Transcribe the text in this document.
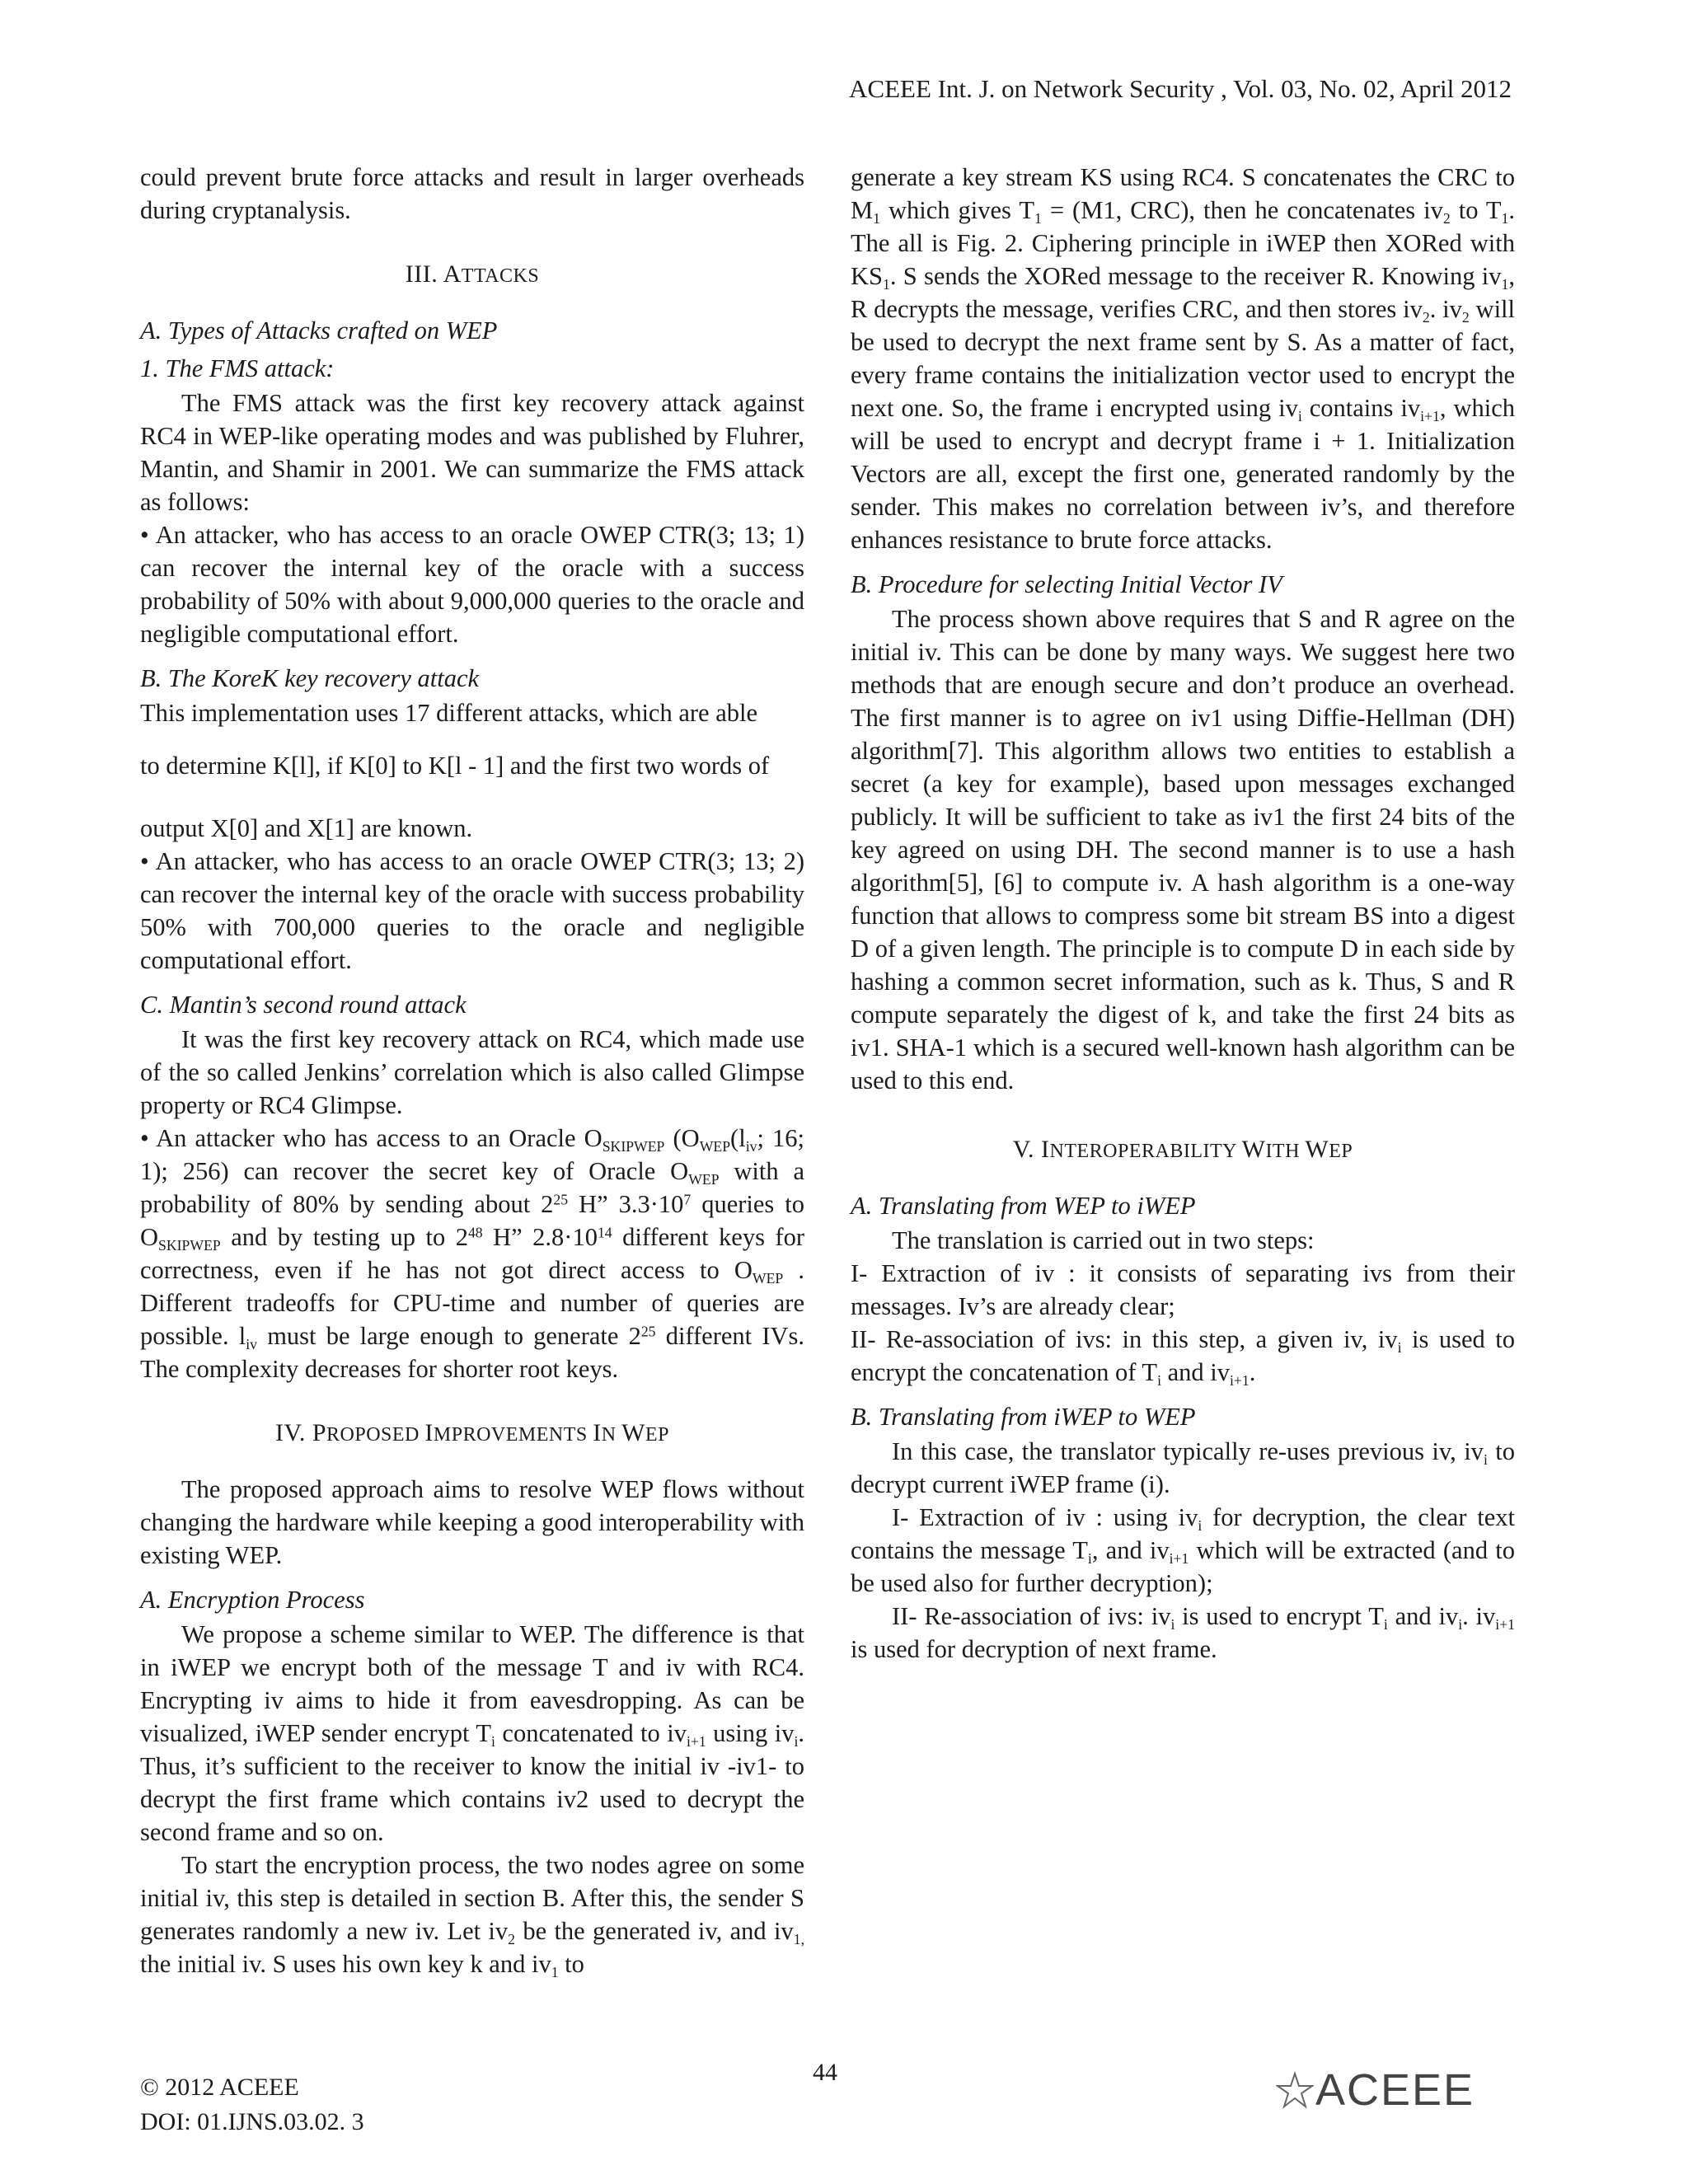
ACEEE Int. J. on Network Security , Vol. 03, No. 02, April 2012

could prevent brute force attacks and result in larger overheads during cryptanalysis.

III. ATTACKS

A. Types of Attacks crafted on WEP

1. The FMS attack:

The FMS attack was the first key recovery attack against RC4 in WEP-like operating modes and was published by Fluhrer, Mantin, and Shamir in 2001. We can summarize the FMS attack as follows:

• An attacker, who has access to an oracle OWEP CTR(3; 13; 1) can recover the internal key of the oracle with a success probability of 50% with about 9,000,000 queries to the oracle and negligible computational effort.

B. The KoreK key recovery attack

This implementation uses 17 different attacks, which are able

to determine K[l], if K[0] to K[l - 1] and the first two words of

output X[0] and X[1] are known.

• An attacker, who has access to an oracle OWEP CTR(3; 13; 2) can recover the internal key of the oracle with success probability 50% with 700,000 queries to the oracle and negligible computational effort.

C. Mantin’s second round attack

It was the first key recovery attack on RC4, which made use of the so called Jenkins’ correlation which is also called Glimpse property or RC4 Glimpse.

• An attacker who has access to an Oracle $O_{SKIPWEP}$ ($O_{WEP}(l_{iv}$; 16; 1); 256) can recover the secret key of Oracle $O_{WEP}$ with a probability of 80% by sending about $2^{25}$ H” $3.3\cdot 10^7$ queries to $O_{SKIPWEP}$ and by testing up to $2^{48}$ H” $2.8\cdot 10^{14}$ different keys for correctness, even if he has not got direct access to $O_{WEP}$ . Different tradeoffs for CPU-time and number of queries are possible. $l_{iv}$ must be large enough to generate $2^{25}$ different IVs. The complexity decreases for shorter root keys.

IV. PROPOSED IMPROVEMENTS IN WEP

The proposed approach aims to resolve WEP flows without changing the hardware while keeping a good interoperability with existing WEP.

A. Encryption Process

We propose a scheme similar to WEP. The difference is that in iWEP we encrypt both of the message T and iv with RC4. Encrypting iv aims to hide it from eavesdropping. As can be visualized, iWEP sender encrypt $T_i$ concatenated to $iv_{i+1}$ using $iv_i$. Thus, it’s sufficient to the receiver to know the initial iv -iv1- to decrypt the first frame which contains iv2 used to decrypt the second frame and so on.

To start the encryption process, the two nodes agree on some initial iv, this step is detailed in section B. After this, the sender S generates randomly a new iv. Let $iv_2$ be the generated iv, and $iv_{1,}$ the initial iv. S uses his own key k and $iv_1$ to

generate a key stream KS using RC4. S concatenates the CRC to $M_1$ which gives $T_1 = (M1$, CRC), then he concatenates $iv_2$ to $T_1$. The all is Fig. 2. Ciphering principle in iWEP then XORed with $KS_1$. S sends the XORed message to the receiver R. Knowing $iv_1$, R decrypts the message, verifies CRC, and then stores $iv_2$. $iv_2$ will be used to decrypt the next frame sent by S. As a matter of fact, every frame contains the initialization vector used to encrypt the next one. So, the frame i encrypted using $iv_i$ contains $iv_{i+1}$, which will be used to encrypt and decrypt frame i + 1. Initialization Vectors are all, except the first one, generated randomly by the sender. This makes no correlation between iv’s, and therefore enhances resistance to brute force attacks.

B. Procedure for selecting Initial Vector IV

The process shown above requires that S and R agree on the initial iv. This can be done by many ways. We suggest here two methods that are enough secure and don’t produce an overhead. The first manner is to agree on iv1 using Diffie-Hellman (DH) algorithm[7]. This algorithm allows two entities to establish a secret (a key for example), based upon messages exchanged publicly. It will be sufficient to take as iv1 the first 24 bits of the key agreed on using DH. The second manner is to use a hash algorithm[5], [6] to compute iv. A hash algorithm is a one-way function that allows to compress some bit stream BS into a digest D of a given length. The principle is to compute D in each side by hashing a common secret information, such as k. Thus, S and R compute separately the digest of k, and take the first 24 bits as iv1. SHA-1 which is a secured well-known hash algorithm can be used to this end.

V. INTEROPERABILITY WITH WEP

A. Translating from WEP to iWEP

The translation is carried out in two steps:

I- Extraction of iv : it consists of separating ivs from their messages. Iv’s are already clear;

II- Re-association of ivs: in this step, a given iv, $iv_i$ is used to encrypt the concatenation of $T_i$ and $iv_{i+1}$.

B. Translating from iWEP to WEP

In this case, the translator typically re-uses previous iv, $iv_i$ to decrypt current iWEP frame (i).

I- Extraction of iv : using $iv_i$ for decryption, the clear text contains the message $T_i$, and $iv_{i+1}$ which will be extracted (and to be used also for further decryption);

II- Re-association of ivs: $iv_i$ is used to encrypt $T_i$ and $iv_i$. $iv_{i+1}$ is used for decryption of next frame.

© 2012 ACEEE
DOI: 01.IJNS.03.02. 3
44	ACEEE
